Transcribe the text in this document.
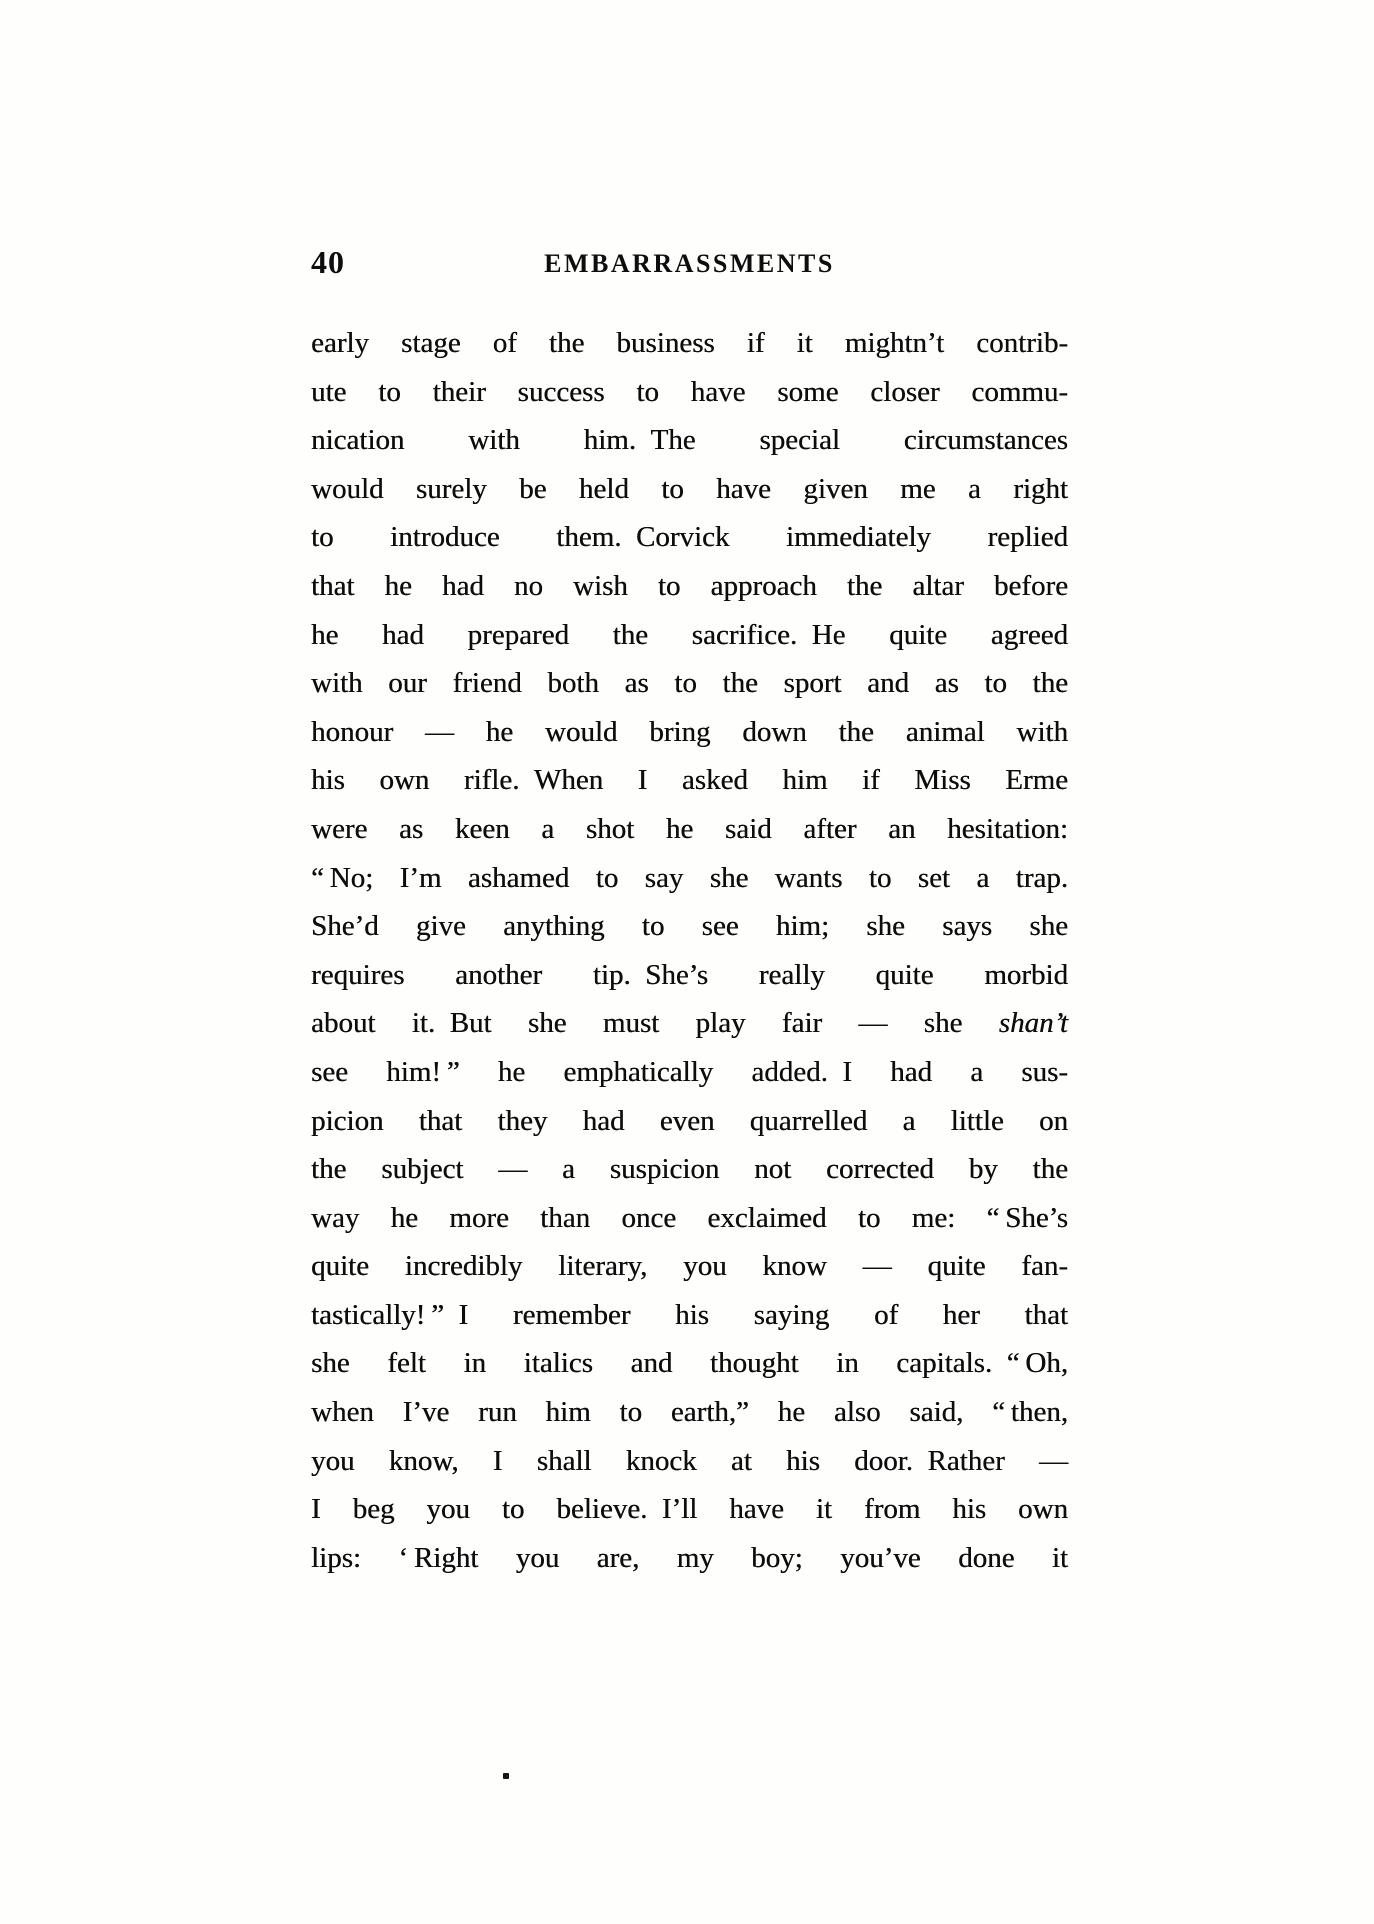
40	EMBARRASSMENTS
early stage of the business if it mightn’t contrib-
ute to their success to have some closer commu-
nication with him. The special circumstances
would surely be held to have given me a right
to introduce them. Corvick immediately replied
that he had no wish to approach the altar before
he had prepared the sacrifice. He quite agreed
with our friend both as to the sport and as to the
honour — he would bring down the animal with
his own rifle. When I asked him if Miss Erme
were as keen a shot he said after an hesitation:
“ No; I’m ashamed to say she wants to set a trap.
She’d give anything to see him; she says she
requires another tip. She’s really quite morbid
about it. But she must play fair — she shan’t
see him! ” he emphatically added. I had a sus-
picion that they had even quarrelled a little on
the subject — a suspicion not corrected by the
way he more than once exclaimed to me: “ She’s
quite incredibly literary, you know — quite fan-
tastically! ” I remember his saying of her that
she felt in italics and thought in capitals. “ Oh,
when I’ve run him to earth,” he also said, “ then,
you know, I shall knock at his door. Rather —
I beg you to believe. I’ll have it from his own
lips: ‘ Right you are, my boy; you’ve done it
